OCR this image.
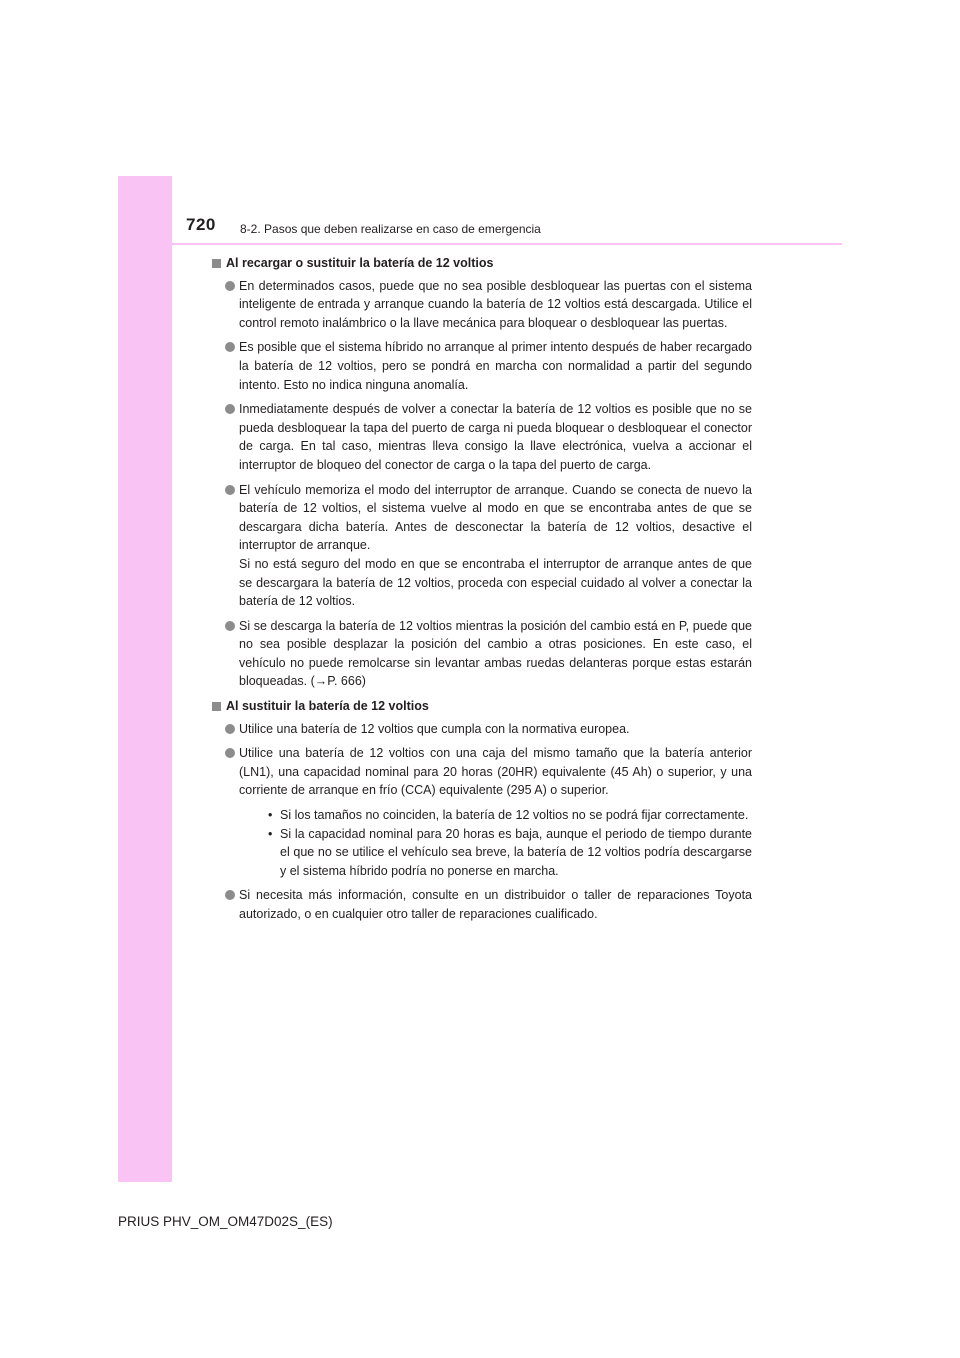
720 8-2. Pasos que deben realizarse en caso de emergencia
Al recargar o sustituir la batería de 12 voltios

En determinados casos, puede que no sea posible desbloquear las puertas con el sistema inteligente de entrada y arranque cuando la batería de 12 voltios está descargada. Utilice el control remoto inalámbrico o la llave mecánica para bloquear o desbloquear las puertas.

Es posible que el sistema híbrido no arranque al primer intento después de haber recargado la batería de 12 voltios, pero se pondrá en marcha con normalidad a partir del segundo intento. Esto no indica ninguna anomalía.

Inmediatamente después de volver a conectar la batería de 12 voltios es posible que no se pueda desbloquear la tapa del puerto de carga ni pueda bloquear o desbloquear el conector de carga. En tal caso, mientras lleva consigo la llave electrónica, vuelva a accionar el interruptor de bloqueo del conector de carga o la tapa del puerto de carga.

El vehículo memoriza el modo del interruptor de arranque. Cuando se conecta de nuevo la batería de 12 voltios, el sistema vuelve al modo en que se encontraba antes de que se descargara dicha batería. Antes de desconectar la batería de 12 voltios, desactive el interruptor de arranque.

Si no está seguro del modo en que se encontraba el interruptor de arranque antes de que se descargara la batería de 12 voltios, proceda con especial cuidado al volver a conectar la batería de 12 voltios.

Si se descarga la batería de 12 voltios mientras la posición del cambio está en P, puede que no sea posible desplazar la posición del cambio a otras posiciones. En este caso, el vehículo no puede remolcarse sin levantar ambas ruedas delanteras porque estas estarán bloqueadas. (→P. 666)

Al sustituir la batería de 12 voltios

Utilice una batería de 12 voltios que cumpla con la normativa europea.

Utilice una batería de 12 voltios con una caja del mismo tamaño que la batería anterior (LN1), una capacidad nominal para 20 horas (20HR) equivalente (45 Ah) o superior, y una corriente de arranque en frío (CCA) equivalente (295 A) o superior.

• Si los tamaños no coinciden, la batería de 12 voltios no se podrá fijar correctamente.
• Si la capacidad nominal para 20 horas es baja, aunque el periodo de tiempo durante el que no se utilice el vehículo sea breve, la batería de 12 voltios podría descargarse y el sistema híbrido podría no ponerse en marcha.

Si necesita más información, consulte en un distribuidor o taller de reparaciones Toyota autorizado, o en cualquier otro taller de reparaciones cualificado.

PRIUS PHV_OM_OM47D02S_(ES)
